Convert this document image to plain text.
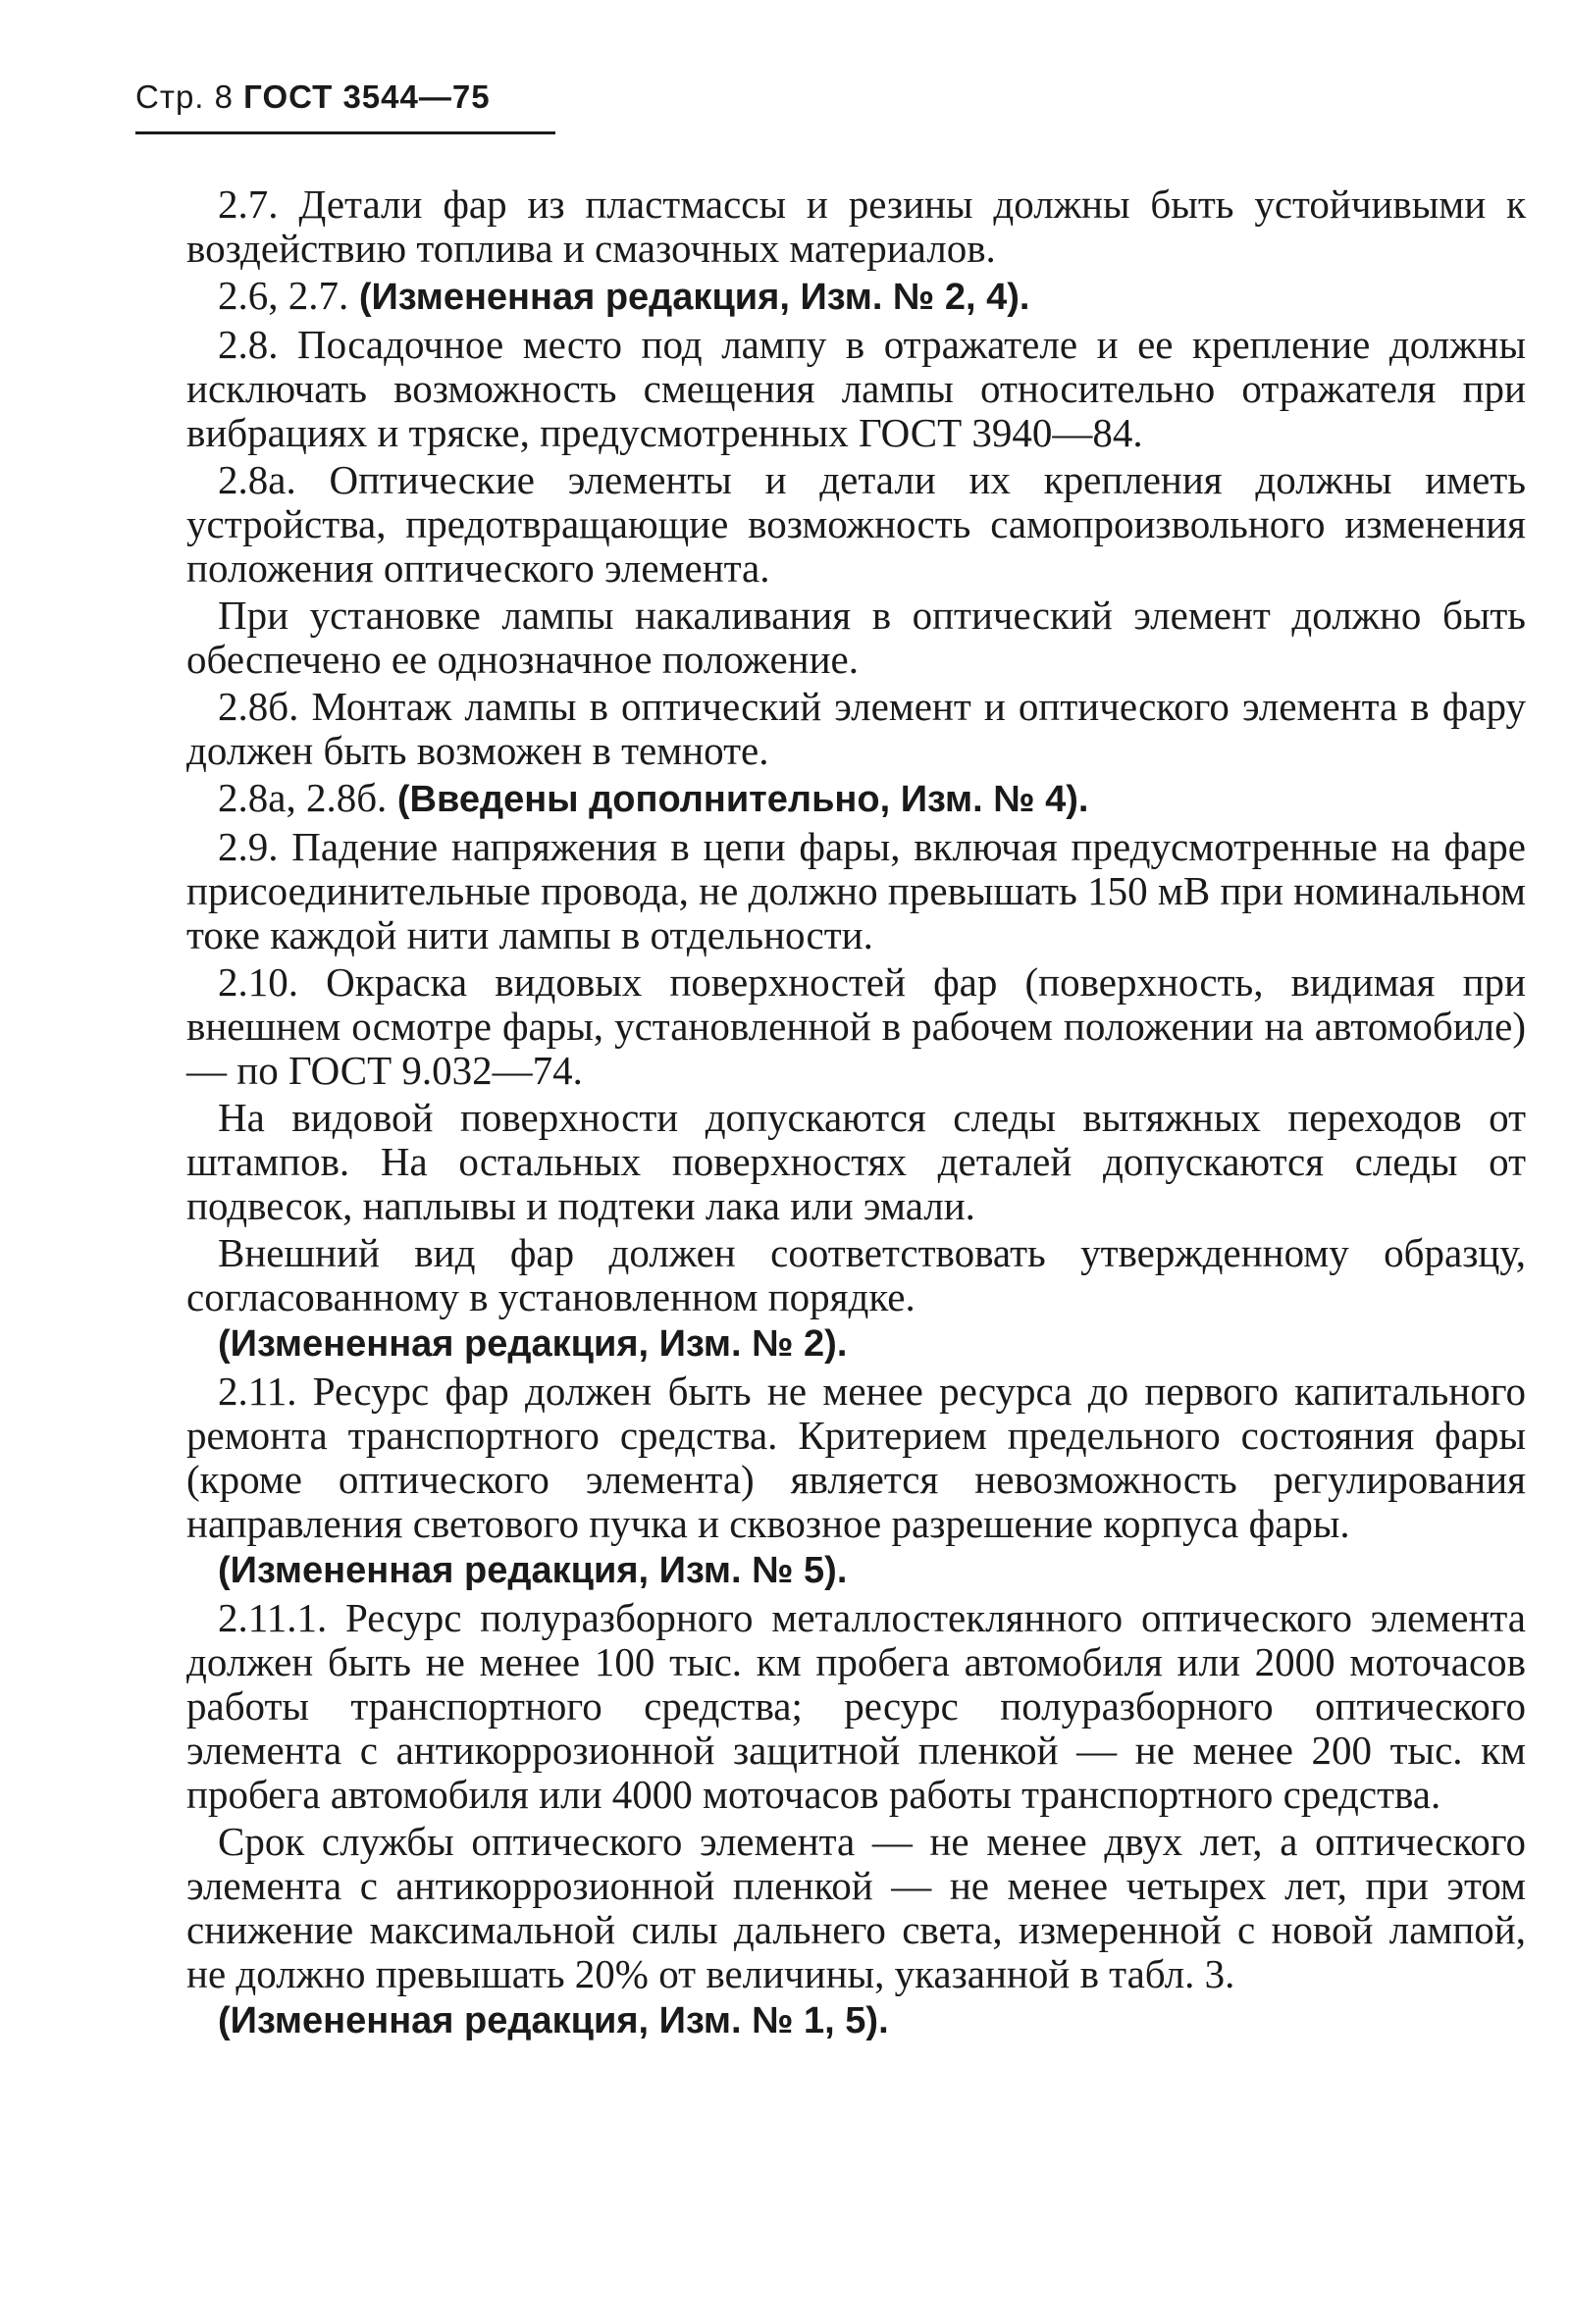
Стр. 8 ГОСТ 3544—75

2.7. Детали фар из пластмассы и резины должны быть устойчивыми к воздействию топлива и смазочных материалов.

2.6, 2.7. (Измененная редакция, Изм. № 2, 4).

2.8. Посадочное место под лампу в отражателе и ее крепление должны исключать возможность смещения лампы относительно отражателя при вибрациях и тряске, предусмотренных ГОСТ 3940—84.

2.8а. Оптические элементы и детали их крепления должны иметь устройства, предотвращающие возможность самопроизвольного изменения положения оптического элемента.

При установке лампы накаливания в оптический элемент должно быть обеспечено ее однозначное положение.

2.8б. Монтаж лампы в оптический элемент и оптического элемента в фару должен быть возможен в темноте.

2.8а, 2.8б. (Введены дополнительно, Изм. № 4).

2.9. Падение напряжения в цепи фары, включая предусмотренные на фаре присоединительные провода, не должно превышать 150 мВ при номинальном токе каждой нити лампы в отдельности.

2.10. Окраска видовых поверхностей фар (поверхность, видимая при внешнем осмотре фары, установленной в рабочем положении на автомобиле) — по ГОСТ 9.032—74.

На видовой поверхности допускаются следы вытяжных переходов от штампов. На остальных поверхностях деталей допускаются следы от подвесок, наплывы и подтеки лака или эмали.

Внешний вид фар должен соответствовать утвержденному образцу, согласованному в установленном порядке.

(Измененная редакция, Изм. № 2).

2.11. Ресурс фар должен быть не менее ресурса до первого капитального ремонта транспортного средства. Критерием предельного состояния фары (кроме оптического элемента) является невозможность регулирования направления светового пучка и сквозное разрешение корпуса фары.

(Измененная редакция, Изм. № 5).

2.11.1. Ресурс полуразборного металлостеклянного оптического элемента должен быть не менее 100 тыс. км пробега автомобиля или 2000 моточасов работы транспортного средства; ресурс полуразборного оптического элемента с антикоррозионной защитной пленкой — не менее 200 тыс. км пробега автомобиля или 4000 моточасов работы транспортного средства.

Срок службы оптического элемента — не менее двух лет, а оптического элемента с антикоррозионной пленкой — не менее четырех лет, при этом снижение максимальной силы дальнего света, измеренной с новой лампой, не должно превышать 20% от величины, указанной в табл. 3.

(Измененная редакция, Изм. № 1, 5).
